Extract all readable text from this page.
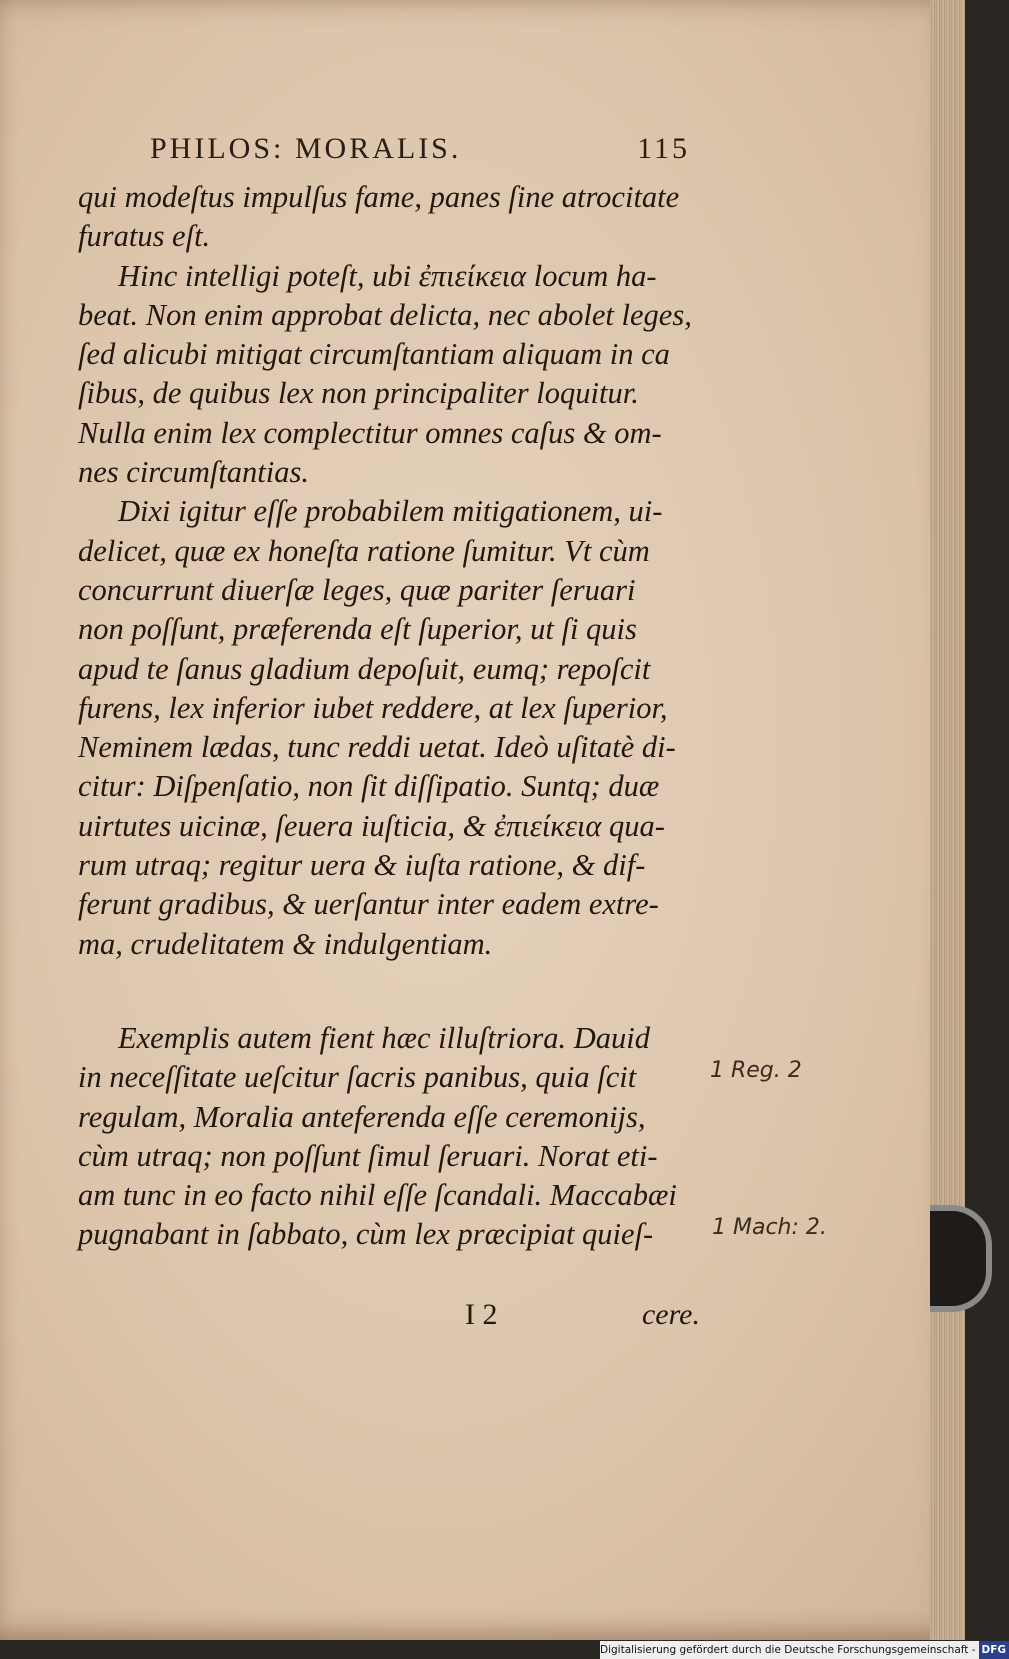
PHILOS: MORALIS.	115
qui modeſtus impulſus fame, panes ſine atrocitate
furatus eſt.
Hinc intelligi poteſt, ubi ἐπιείκεια locum ha-
beat. Non enim approbat delicta, nec abolet leges,
ſed alicubi mitigat circumſtantiam aliquam in ca
ſibus, de quibus lex non principaliter loquitur.
Nulla enim lex complectitur omnes caſus & om-
nes circumſtantias.
Dixi igitur eſſe probabilem mitigationem, ui-
delicet, quæ ex honeſta ratione ſumitur. Vt cùm
concurrunt diuerſæ leges, quæ pariter ſeruari
non poſſunt, præferenda eſt ſuperior, ut ſi quis
apud te ſanus gladium depoſuit, eumq; repoſcit
furens, lex inferior iubet reddere, at lex ſuperior,
Neminem lædas, tunc reddi uetat. Ideò uſitatè di-
citur: Diſpenſatio, non ſit diſſipatio. Suntq; duæ
uirtutes uicinæ, ſeuera iuſticia, & ἐπιείκεια qua-
rum utraq; regitur uera & iuſta ratione, & dif-
ferunt gradibus, & uerſantur inter eadem extre-
ma, crudelitatem & indulgentiam.
Exemplis autem fient hæc illuſtriora. Dauid
in neceſſitate ueſcitur ſacris panibus, quia ſcit
regulam, Moralia anteferenda eſſe ceremonijs,
cùm utraq; non poſſunt ſimul ſeruari. Norat eti-
am tunc in eo facto nihil eſſe ſcandali. Maccabæi
pugnabant in ſabbato, cùm lex præcipiat quieſ-
1 Reg. 2
1 Mach: 2.
I 2	cere.
Digitalisierung gefördert durch die Deutsche Forschungsgemeinschaft - DFG
